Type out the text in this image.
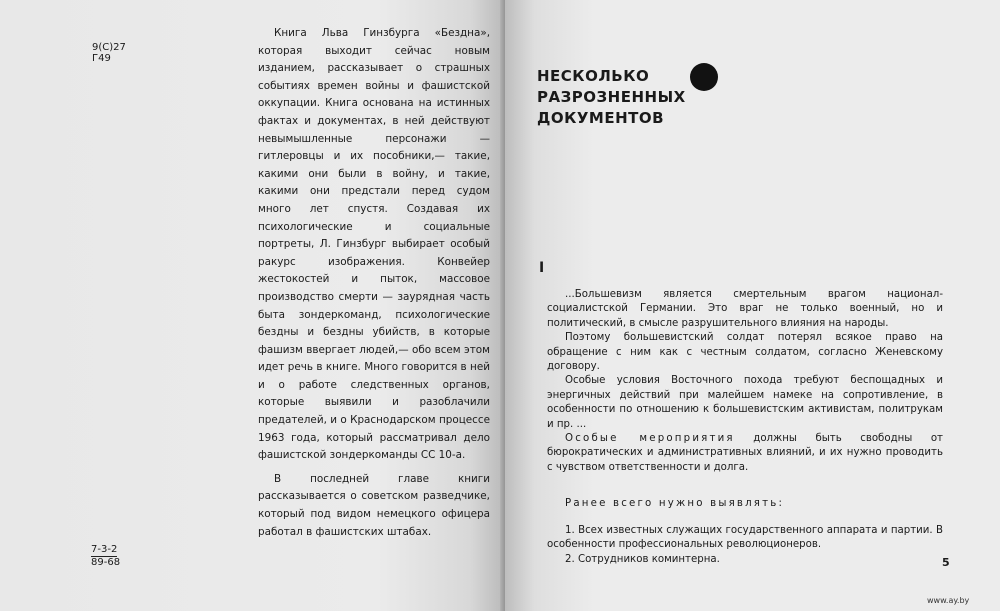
9(С)27
Г49

Книга Льва Гинзбурга «Бездна», которая выходит сейчас новым изданием, рассказывает о страшных событиях времен войны и фашистской оккупации. Книга основана на истинных фактах и документах, в ней действуют невымышленные персонажи — гитлеровцы и их пособники,— такие, какими они были в войну, и такие, какими они предстали перед судом много лет спустя. Создавая их психологические и социальные портреты, Л. Гинзбург выбирает особый ракурс изображения. Конвейер жестокостей и пыток, массовое производство смерти — заурядная часть быта зондеркоманд, психологические бездны и бездны убийств, в которые фашизм ввергает людей,— обо всем этом идет речь в книге. Много говорится в ней и о работе следственных органов, которые выявили и разоблачили предателей, и о Краснодарском процессе 1963 года, который рассматривал дело фашистской зондеркоманды СС 10-а.

В последней главе книги рассказывается о советском разведчике, который под видом немецкого офицера работал в фашистских штабах.

$\frac{7-3-2}{89-68}$
НЕСКОЛЬКО
РАЗРОЗНЕННЫХ
ДОКУМЕНТОВ
I

...Большевизм является смертельным врагом национал-социалистской Германии. Это враг не только военный, но и политический, в смысле разрушительного влияния на народы.

Поэтому большевистский солдат потерял всякое право на обращение с ним как с честным солдатом, согласно Женевскому договору.

Особые условия Восточного похода требуют беспощадных и энергичных действий при малейшем намеке на сопротивление, в особенности по отношению к большевистским активистам, политрукам и пр. ...

Особые мероприятия должны быть свободны от бюрократических и административных влияний, и их нужно проводить с чувством ответственности и долга.

Ранее всего нужно выявлять:

1. Всех известных служащих государственного аппарата и партии. В особенности профессиональных революционеров.

2. Сотрудников коминтерна.	5
www.ay.by
